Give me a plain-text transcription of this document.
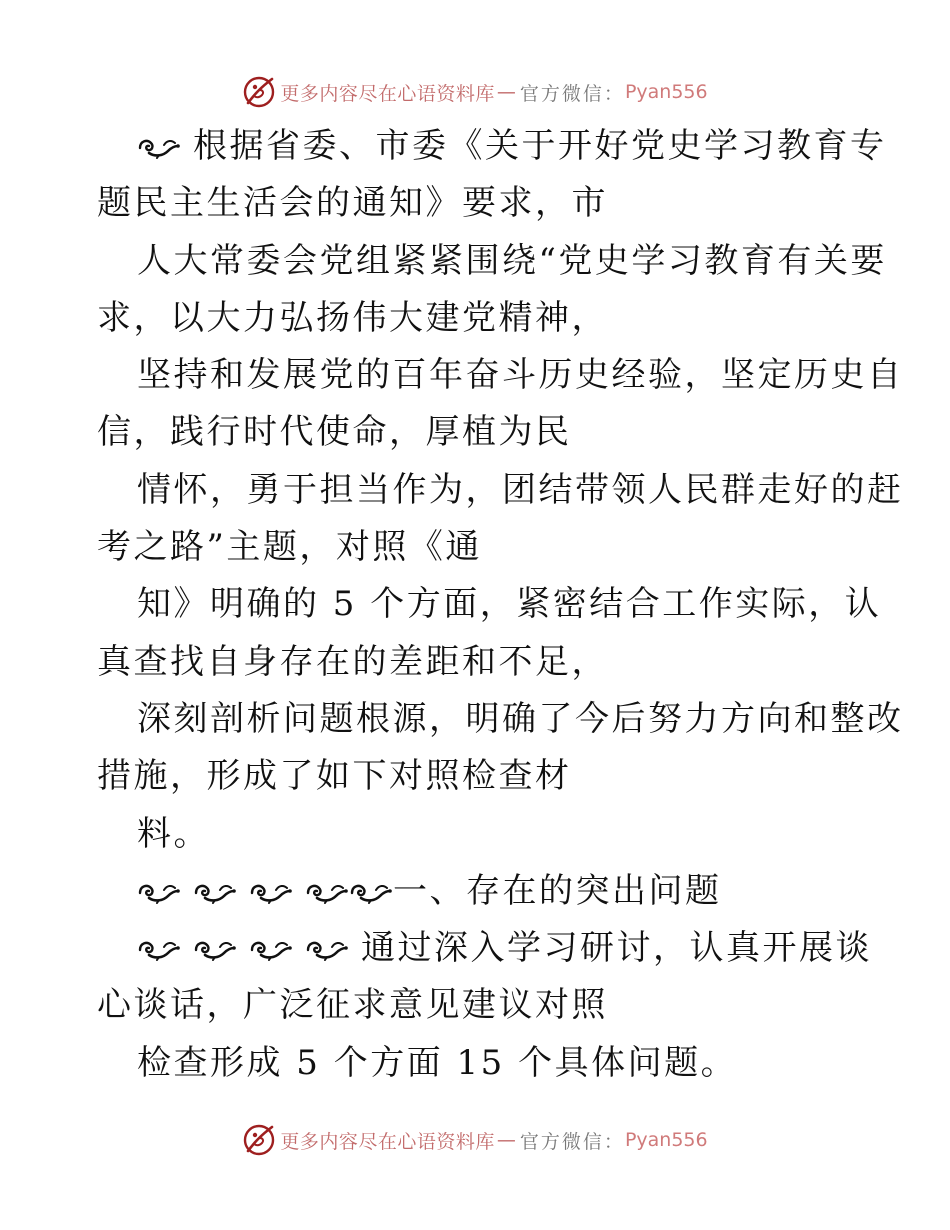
更多内容尽在心语资料库 — 官方微信： Pyan556
根据省委、市委《关于开好党史学习教育专
题民主生活会的通知》要求，市
人大常委会党组紧紧围绕“党史学习教育有关要
求，以大力弘扬伟大建党精神，
坚持和发展党的百年奋斗历史经验，坚定历史自
信，践行时代使命，厚植为民
情怀，勇于担当作为，团结带领人民群走好的赶
考之路”主题，对照《通
知》明确的 5 个方面，紧密结合工作实际，认
真查找自身存在的差距和不足，
深刻剖析问题根源，明确了今后努力方向和整改
措施，形成了如下对照检查材
料。
一、存在的突出问题
通过深入学习研讨，认真开展谈
心谈话，广泛征求意见建议对照
检查形成 5 个方面 15 个具体问题。
更多内容尽在心语资料库 — 官方微信： Pyan556
